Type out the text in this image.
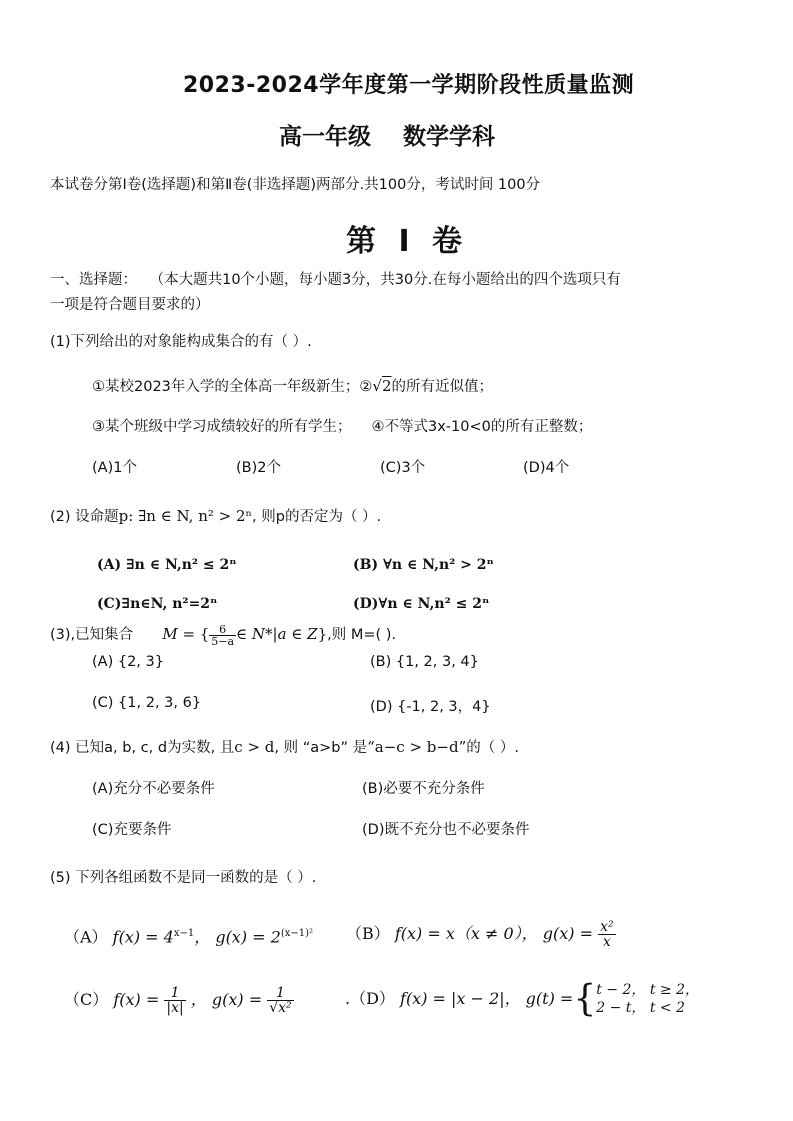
2023-2024学年度第一学期阶段性质量监测
高一年级 数学学科
本试卷分第Ⅰ卷(选择题)和第Ⅱ卷(非选择题)两部分.共100分，考试时间 100分
第 Ⅰ 卷
一、选择题： （本大题共10个小题，每小题3分，共30分.在每小题给出的四个选项只有
一项是符合题目要求的）
(1)下列给出的对象能构成集合的有（ ）.
①某校2023年入学的全体高一年级新生；②√2的所有近似值；
③某个班级中学习成绩较好的所有学生； ④不等式3x-10<0的所有正整数；
(A)1个	(B)2个	(C)3个	(D)4个
(2) 设命题p: ∃n ∈ N, n² > 2ⁿ, 则p的否定为（ ）.
(A) ∃n ∈ N,n² ≤ 2ⁿ	(B) ∀n ∈ N,n² > 2ⁿ
(C)∃n∈N, n²=2ⁿ	(D)∀n ∈ N,n² ≤ 2ⁿ
(3),已知集合 M = { $\frac{6}{5-a}$ ∈ N*|a ∈ Z},则 M=( ).
(A) {2, 3}	(B) {1, 2, 3, 4}
(C) {1, 2, 3, 6}	(D) {-1, 2, 3，4}
(4) 已知a, b, c, d为实数, 且c > d, 则 “a>b” 是“a−c > b−d”的（ ）.
(A)充分不必要条件	(B)必要不充分条件
(C)充要条件	(D)既不充分也不必要条件
(5) 下列各组函数不是同一函数的是（ ）.
（A） $f(x) = 4^{x-1}$， $g(x) = 2^{(x-1)^2}$ （B） f(x) = x（x ≠ 0）， $g(x) = \frac{\text{x²}}{x}$
（C） $f(x) = \frac{1}{|x|}$ ， $g(x) = \frac{1}{\text{√x²}}$	.（D） f(x) = |x − 2|， g(t) ={ t − 2， t ≥ 2，
2 − t， t < 2
